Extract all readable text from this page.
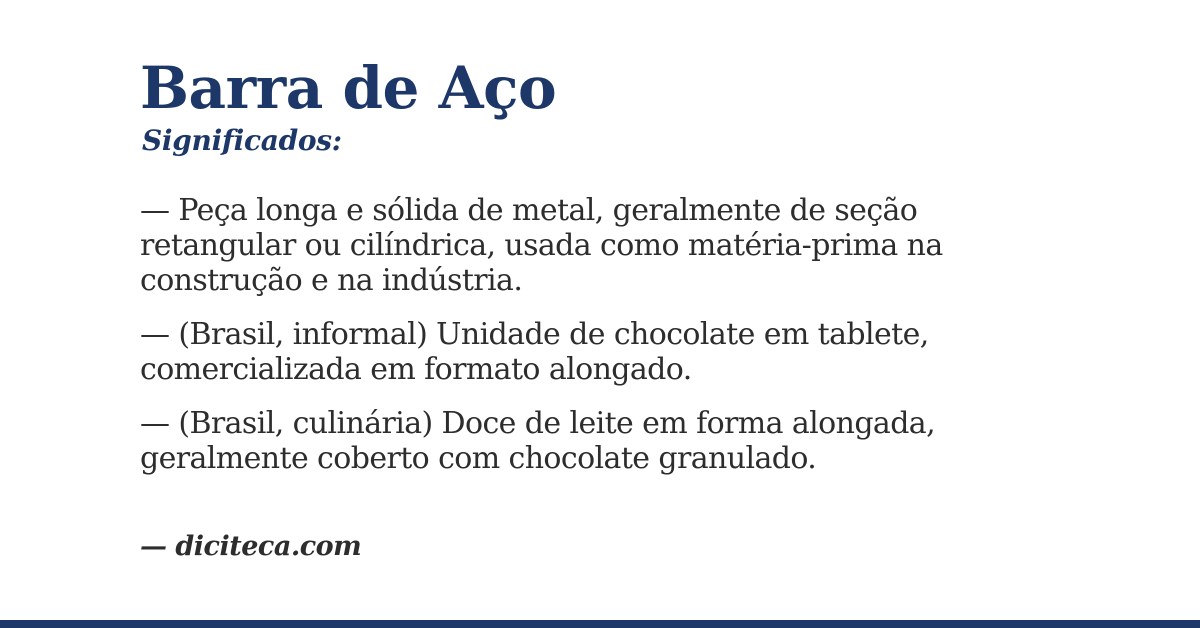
Barra de Aço
Significados:

— Peça longa e sólida de metal, geralmente de seção
retangular ou cilíndrica, usada como matéria-prima na
construção e na indústria.

— (Brasil, informal) Unidade de chocolate em tablete,
comercializada em formato alongado.

— (Brasil, culinária) Doce de leite em forma alongada,
geralmente coberto com chocolate granulado.

— diciteca.com
